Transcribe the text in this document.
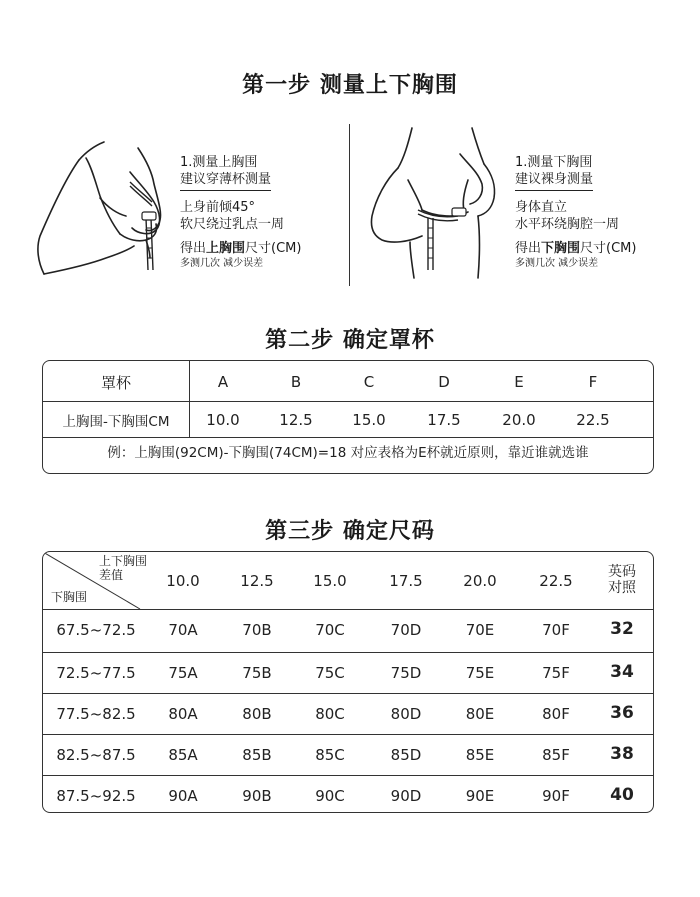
第一步 测量上下胸围
1.测量上胸围
建议穿薄杯测量
上身前倾45°
软尺绕过乳点一周
得出上胸围尺寸(CM)
多测几次 减少误差
1.测量下胸围
建议裸身测量
身体直立
水平环绕胸腔一周
得出下胸围尺寸(CM)
多测几次 减少误差
第二步 确定罩杯
罩杯	A	B	C	D	E	F
上胸围-下胸围CM	10.0	12.5	15.0	17.5	20.0	22.5
例：上胸围(92CM)-下胸围(74CM)=18 对应表格为E杯就近原则，靠近谁就选谁
第三步 确定尺码
上下胸围
差值
下胸围
10.0	12.5	15.0	17.5	20.0	22.5	英码
对照
67.5~72.5	70A	70B	70C	70D	70E	70F	32
72.5~77.5	75A	75B	75C	75D	75E	75F	34
77.5~82.5	80A	80B	80C	80D	80E	80F	36
82.5~87.5	85A	85B	85C	85D	85E	85F	38
87.5~92.5	90A	90B	90C	90D	90E	90F	40
